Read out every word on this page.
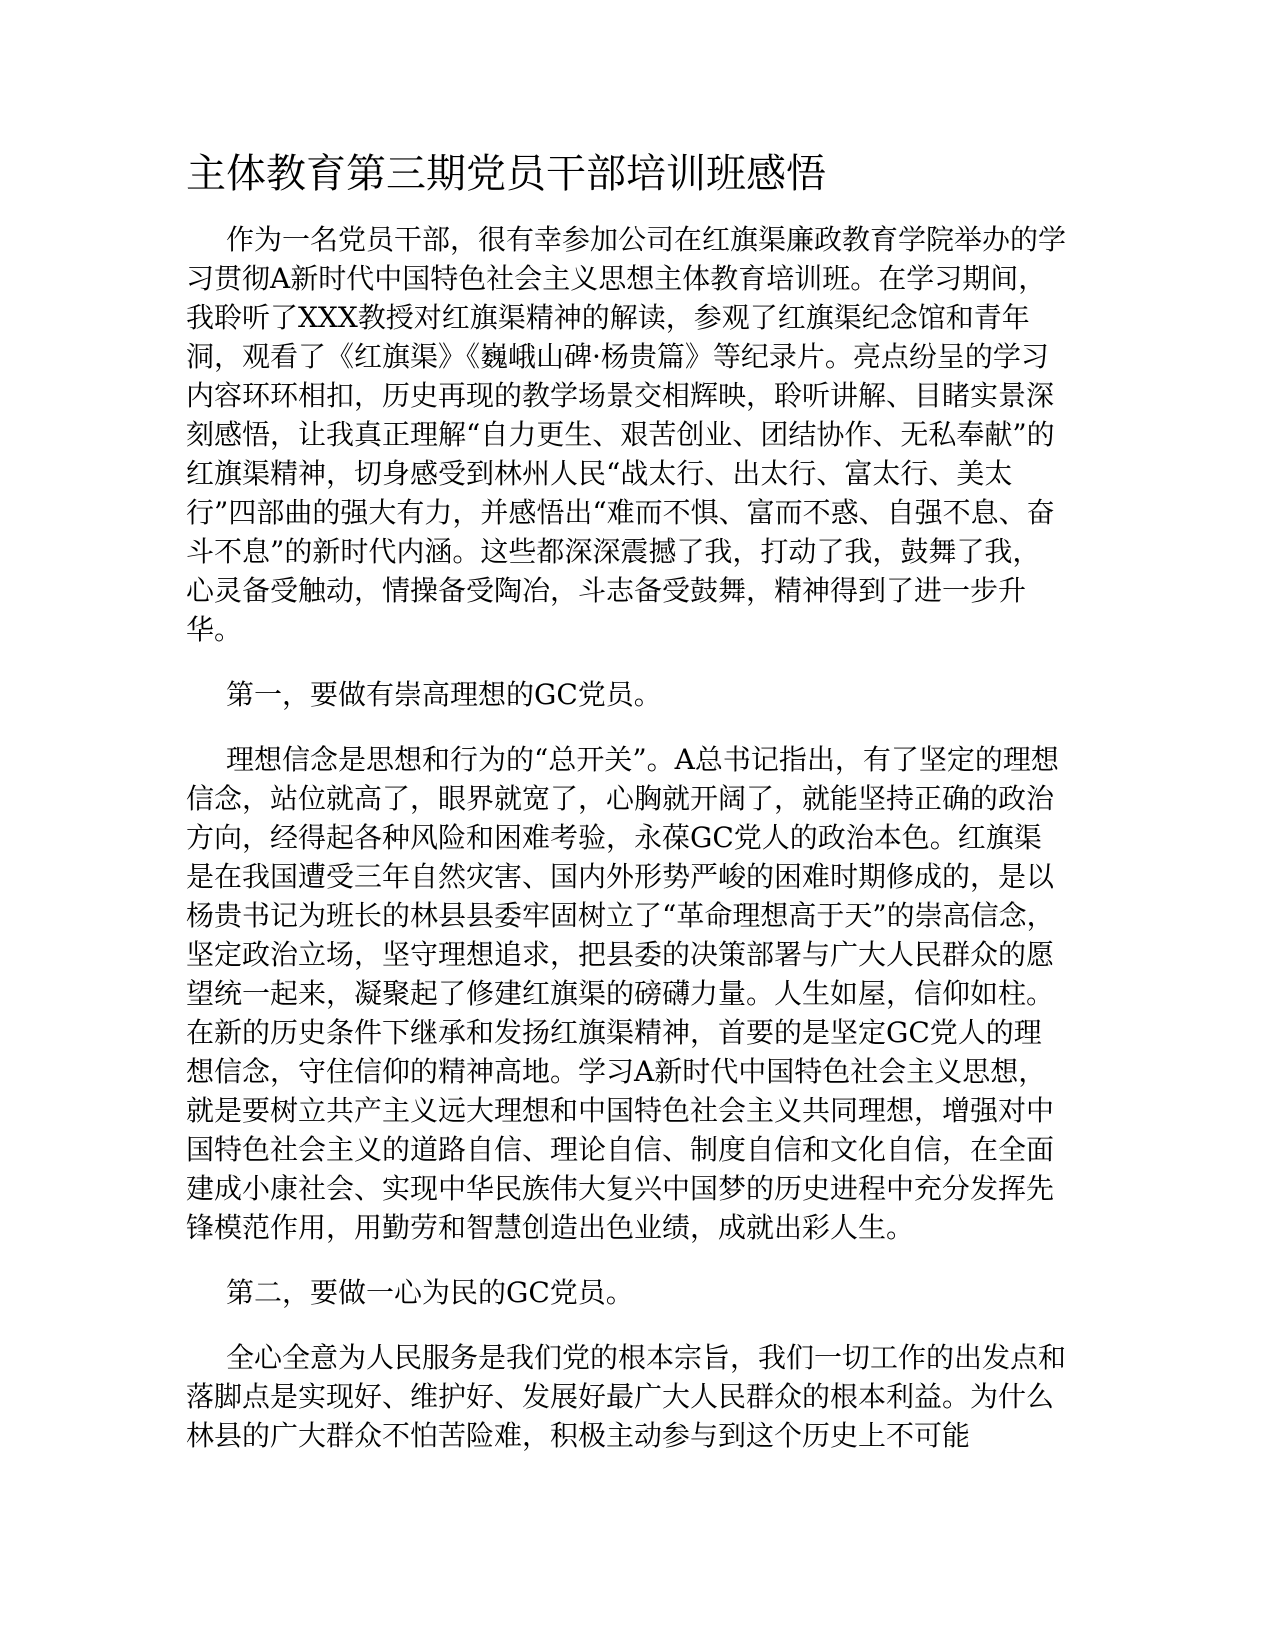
主体教育第三期党员干部培训班感悟

作为一名党员干部，很有幸参加公司在红旗渠廉政教育学院举办的学习贯彻A新时代中国特色社会主义思想主体教育培训班。在学习期间，我聆听了XXX教授对红旗渠精神的解读，参观了红旗渠纪念馆和青年洞，观看了《红旗渠》《巍峨山碑·杨贵篇》等纪录片。亮点纷呈的学习内容环环相扣，历史再现的教学场景交相辉映，聆听讲解、目睹实景深刻感悟，让我真正理解“自力更生、艰苦创业、团结协作、无私奉献”的红旗渠精神，切身感受到林州人民“战太行、出太行、富太行、美太行”四部曲的强大有力，并感悟出“难而不惧、富而不惑、自强不息、奋斗不息”的新时代内涵。这些都深深震撼了我，打动了我，鼓舞了我，心灵备受触动，情操备受陶冶，斗志备受鼓舞，精神得到了进一步升华。

第一，要做有崇高理想的GC党员。

理想信念是思想和行为的“总开关”。A总书记指出，有了坚定的理想信念，站位就高了，眼界就宽了，心胸就开阔了，就能坚持正确的政治方向，经得起各种风险和困难考验，永葆GC党人的政治本色。红旗渠是在我国遭受三年自然灾害、国内外形势严峻的困难时期修成的，是以杨贵书记为班长的林县县委牢固树立了“革命理想高于天”的崇高信念，坚定政治立场，坚守理想追求，把县委的决策部署与广大人民群众的愿望统一起来，凝聚起了修建红旗渠的磅礴力量。人生如屋，信仰如柱。在新的历史条件下继承和发扬红旗渠精神，首要的是坚定GC党人的理想信念，守住信仰的精神高地。学习A新时代中国特色社会主义思想，就是要树立共产主义远大理想和中国特色社会主义共同理想，增强对中国特色社会主义的道路自信、理论自信、制度自信和文化自信，在全面建成小康社会、实现中华民族伟大复兴中国梦的历史进程中充分发挥先锋模范作用，用勤劳和智慧创造出色业绩，成就出彩人生。

第二，要做一心为民的GC党员。

全心全意为人民服务是我们党的根本宗旨，我们一切工作的出发点和落脚点是实现好、维护好、发展好最广大人民群众的根本利益。为什么林县的广大群众不怕苦险难，积极主动参与到这个历史上不可能
